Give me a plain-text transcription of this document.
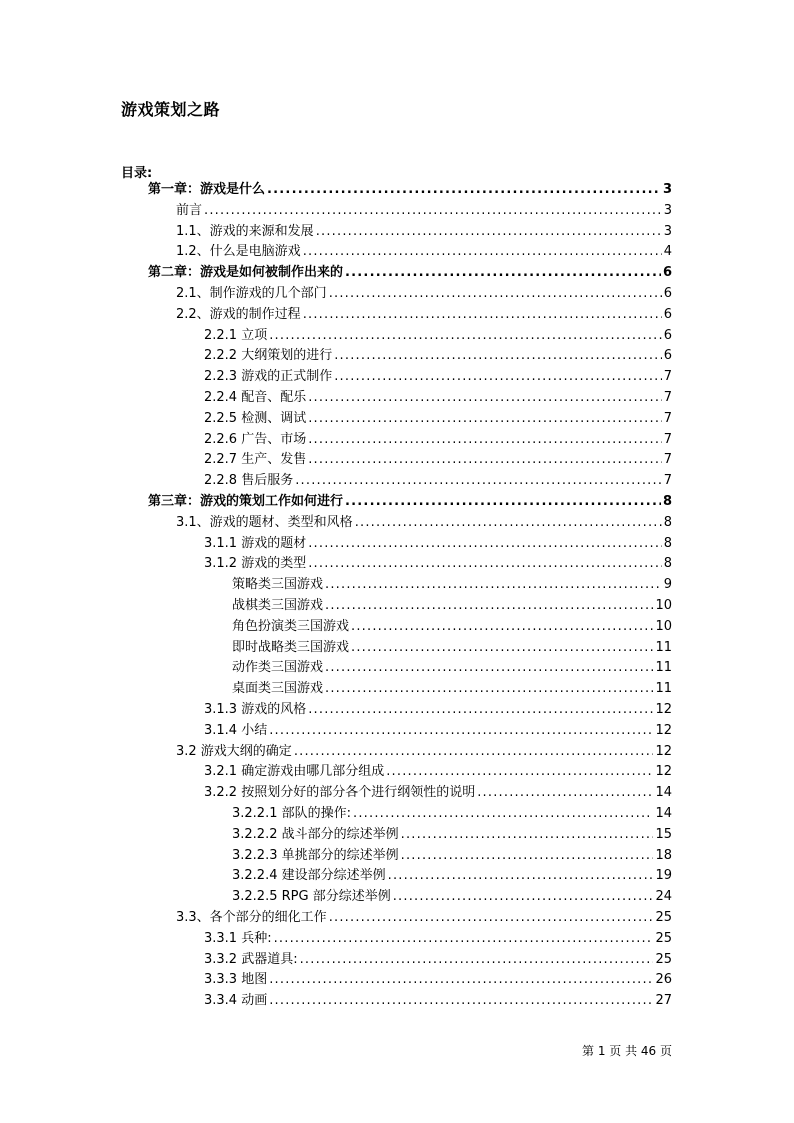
游戏策划之路
目录:
第一章：游戏是什么 .....	3
前言 .....	3
1.1、游戏的来源和发展 .....	3
1.2、什么是电脑游戏 .....	4
第二章：游戏是如何被制作出来的 .....	6
2.1、制作游戏的几个部门 .....	6
2.2、游戏的制作过程 .....	6
2.2.1 立项 .....	6
2.2.2 大纲策划的进行 .....	6
2.2.3 游戏的正式制作 .....	7
2.2.4 配音、配乐 .....	7
2.2.5 检测、调试 .....	7
2.2.6 广告、市场 .....	7
2.2.7 生产、发售 .....	7
2.2.8 售后服务 .....	7
第三章：游戏的策划工作如何进行 .....	8
3.1、游戏的题材、类型和风格 .....	8
3.1.1 游戏的题材 .....	8
3.1.2 游戏的类型 .....	8
策略类三国游戏 .....	9
战棋类三国游戏 .....	10
角色扮演类三国游戏 .....	10
即时战略类三国游戏 .....	11
动作类三国游戏 .....	11
桌面类三国游戏 .....	11
3.1.3 游戏的风格 .....	12
3.1.4 小结 .....	12
3.2 游戏大纲的确定 .....	12
3.2.1 确定游戏由哪几部分组成 .....	12
3.2.2 按照划分好的部分各个进行纲领性的说明 .....	14
3.2.2.1 部队的操作: .....	14
3.2.2.2 战斗部分的综述举例 .....	15
3.2.2.3 单挑部分的综述举例 .....	18
3.2.2.4 建设部分综述举例 .....	19
3.2.2.5 RPG 部分综述举例 .....	24
3.3、各个部分的细化工作 .....	25
3.3.1 兵种: .....	25
3.3.2 武器道具: .....	25
3.3.3 地图 .....	26
3.3.4 动画 .....	27
第 1 页 共 46 页
